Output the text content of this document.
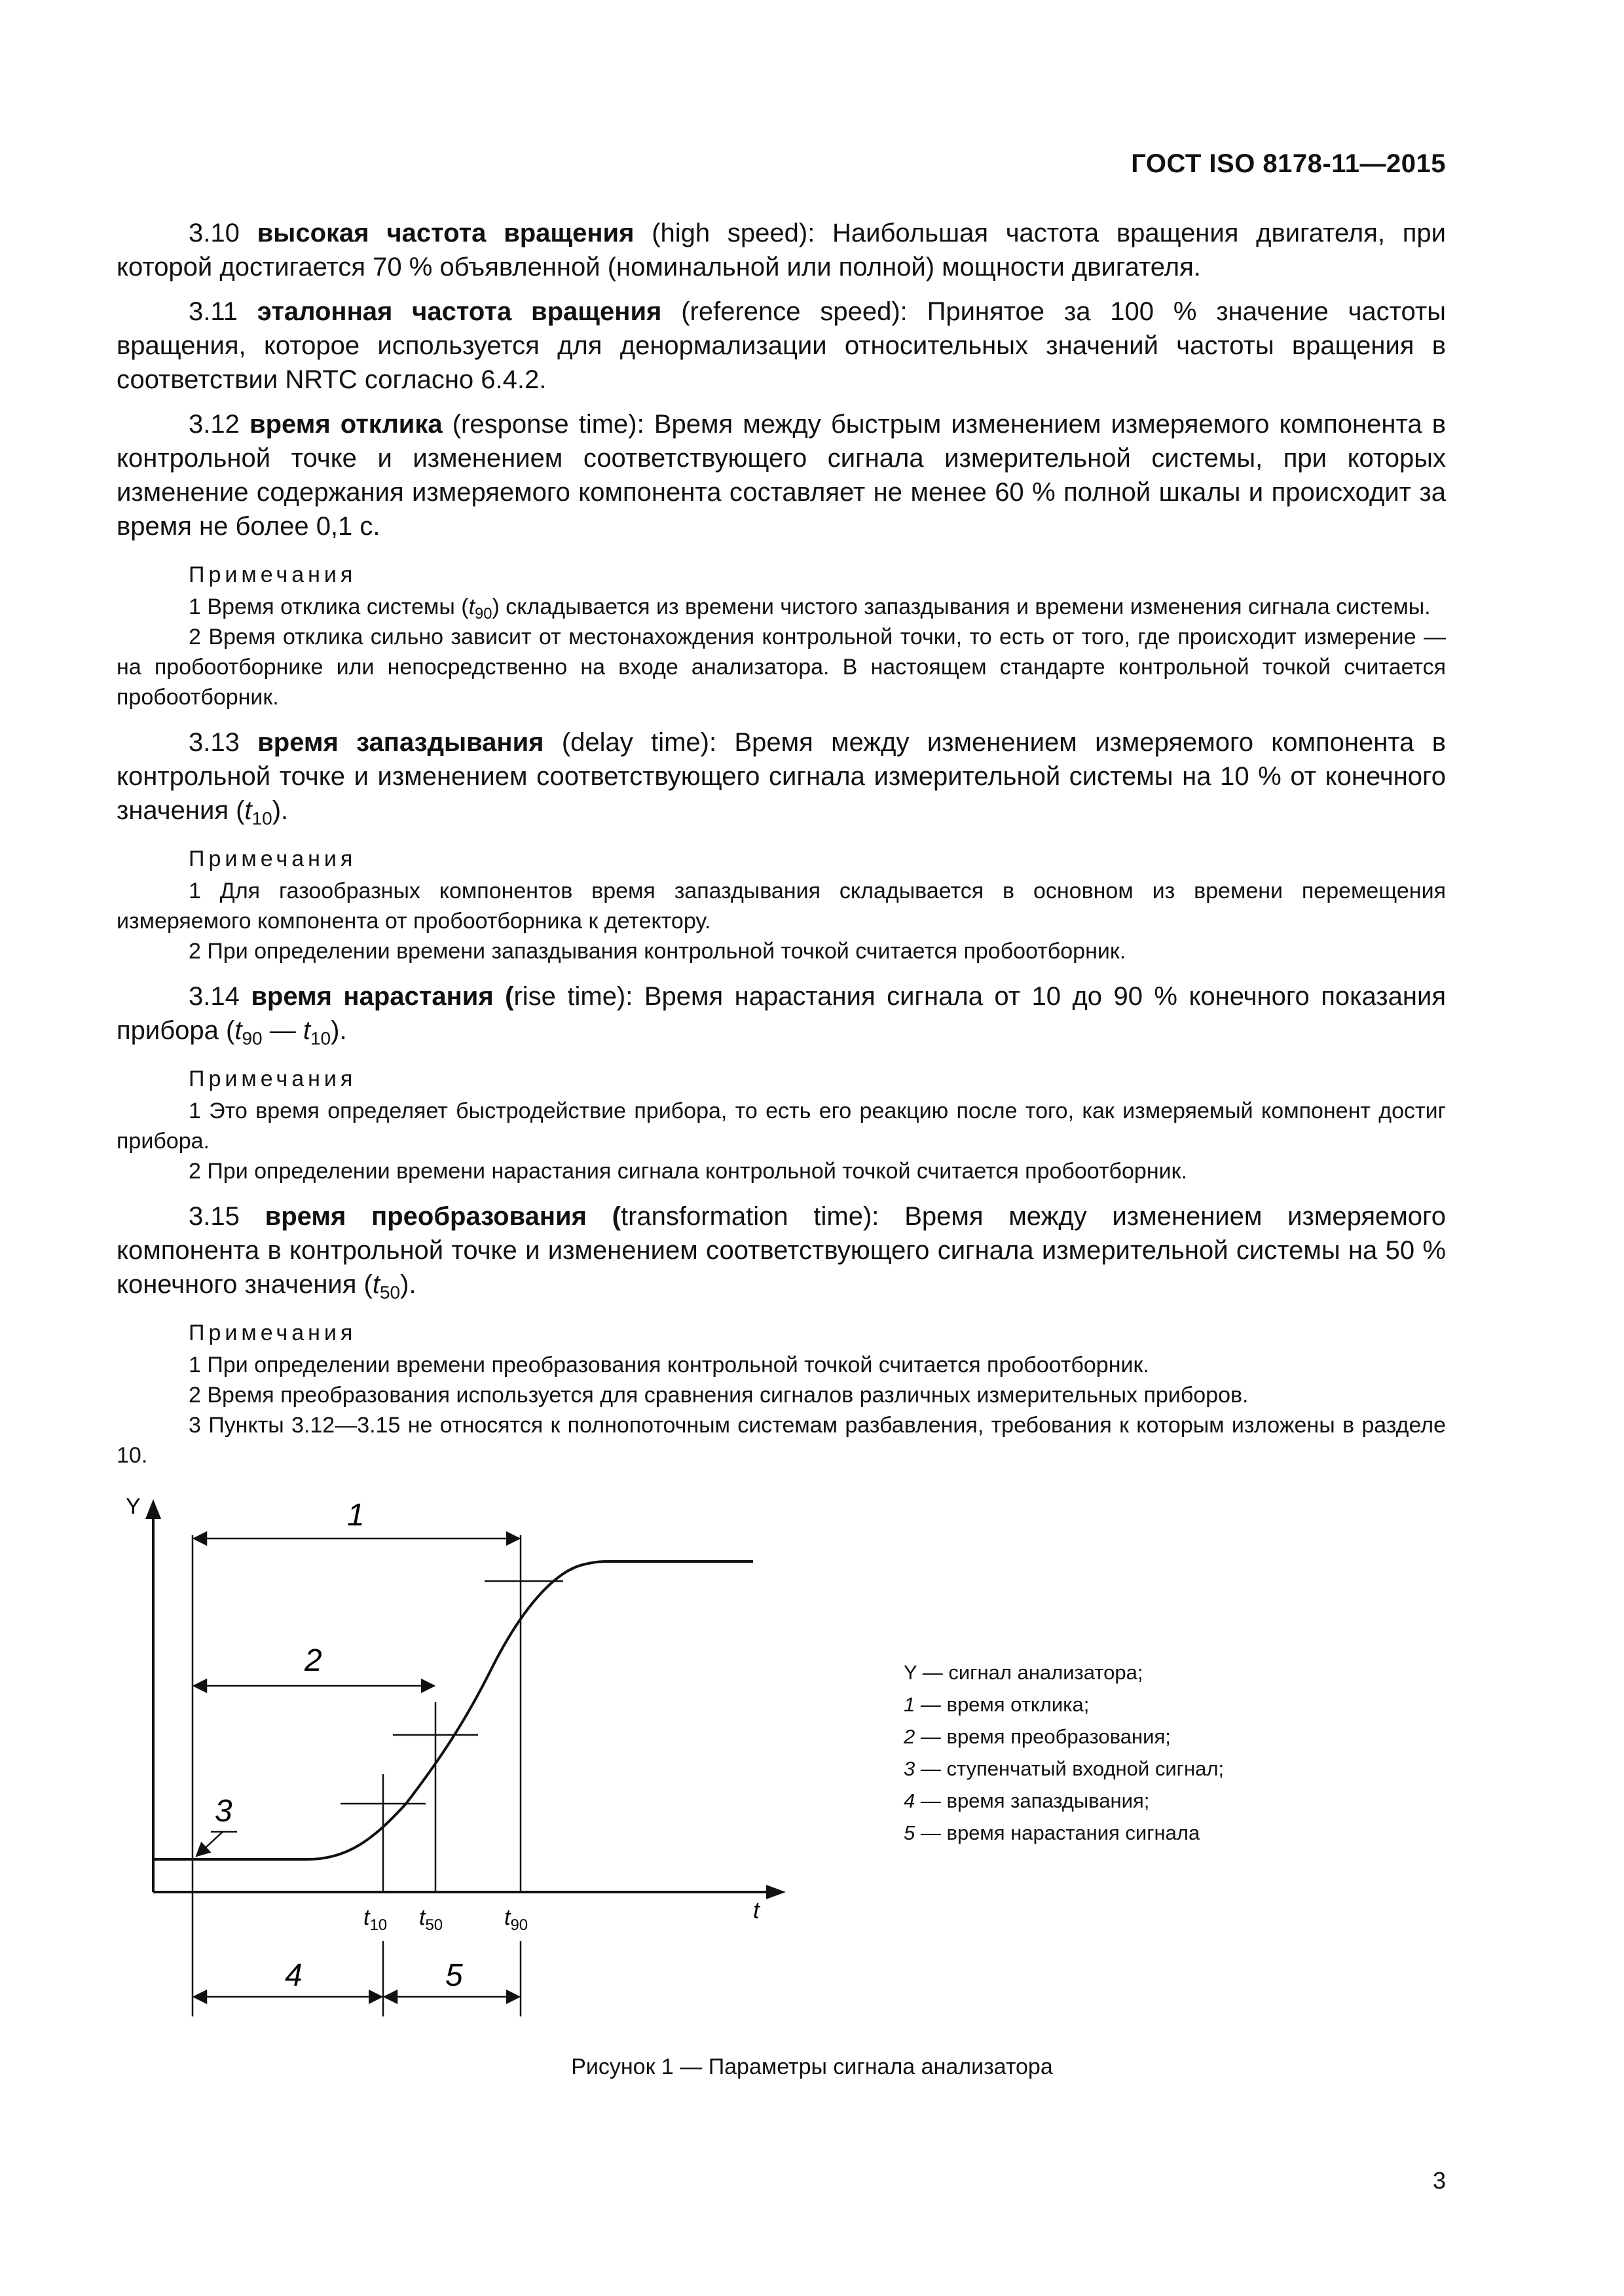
ГОСТ ISO 8178-11—2015

3.10 высокая частота вращения (high speed): Наибольшая частота вращения двигателя, при которой достигается 70 % объявленной (номинальной или полной) мощности двигателя.

3.11 эталонная частота вращения (reference speed): Принятое за 100 % значение частоты вращения, которое используется для денормализации относительных значений частоты вращения в соответствии NRTC согласно 6.4.2.

3.12 время отклика (response time): Время между быстрым изменением измеряемого компонента в контрольной точке и изменением соответствующего сигнала измерительной системы, при которых изменение содержания измеряемого компонента составляет не менее 60 % полной шкалы и происходит за время не более 0,1 с.

Примечания

1 Время отклика системы $(t_{90})$ складывается из времени чистого запаздывания и времени изменения сигнала системы.

2 Время отклика сильно зависит от местонахождения контрольной точки, то есть от того, где происходит измерение — на пробоотборнике или непосредственно на входе анализатора. В настоящем стандарте контрольной точкой считается пробоотборник.

3.13 время запаздывания (delay time): Время между изменением измеряемого компонента в контрольной точке и изменением соответствующего сигнала измерительной системы на 10 % от конечного значения $(t_{10})$.

Примечания

1 Для газообразных компонентов время запаздывания складывается в основном из времени перемещения измеряемого компонента от пробоотборника к детектору.

2 При определении времени запаздывания контрольной точкой считается пробоотборник.

3.14 время нарастания (rise time): Время нарастания сигнала от 10 до 90 % конечного показания прибора ($t_{90}$ — $t_{10}$).

Примечания

1 Это время определяет быстродействие прибора, то есть его реакцию после того, как измеряемый компонент достиг прибора.

2 При определении времени нарастания сигнала контрольной точкой считается пробоотборник.

3.15 время преобразования (transformation time): Время между изменением измеряемого компонента в контрольной точке и изменением соответствующего сигнала измерительной системы на 50 % конечного значения $(t_{50})$.

Примечания

1 При определении времени преобразования контрольной точкой считается пробоотборник.

2 Время преобразования используется для сравнения сигналов различных измерительных приборов.

3 Пункты 3.12—3.15 не относятся к полнопоточным системам разбавления, требования к которым изложены в разделе 10.

Y
t
1
2
3
$t_{10}$ $t_{50}$	$t_{90}$
4	5
Y — сигнал анализатора;
1 — время отклика;
2 — время преобразования;
3 — ступенчатый входной сигнал;
4 — время запаздывания;
5 — время нарастания сигнала
Рисунок 1 — Параметры сигнала анализатора
3
